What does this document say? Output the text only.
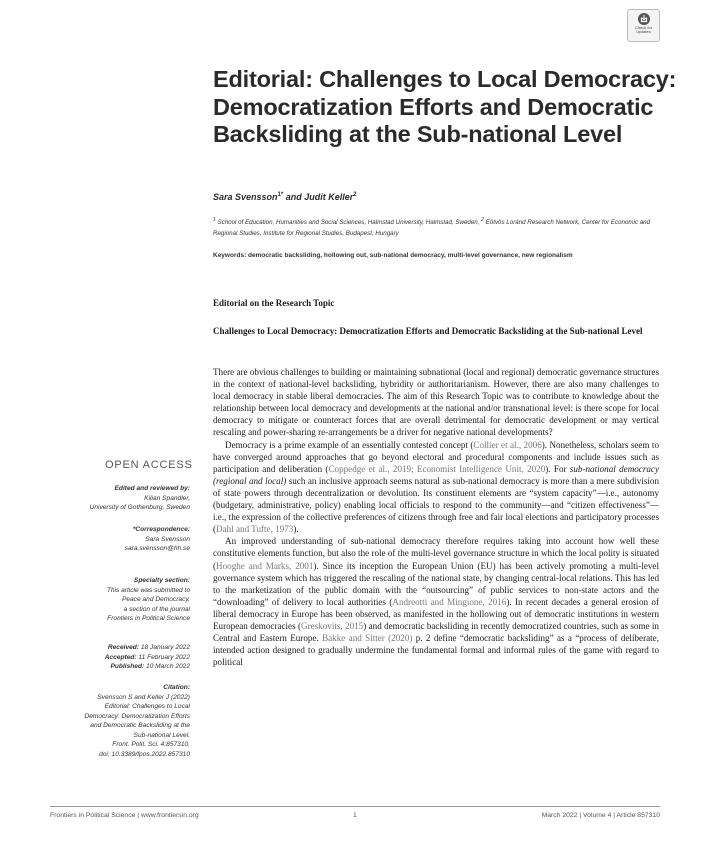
Check for
updates
Editorial: Challenges to Local Democracy: Democratization Efforts and Democratic Backsliding at the Sub-national Level
Sara Svensson$^{1*}$ and Judit Keller$^2$
$^1$ School of Education, Humanities and Social Sciences, Halmstad University, Halmstad, Sweden, $^2$ Eötvös Loránd Research Network, Center for Economic and Regional Studies, Institute for Regional Studies, Budapest, Hungary
Keywords: democratic backsliding, hollowing out, sub-national democracy, multi-level governance, new regionalism
Editorial on the Research Topic
Challenges to Local Democracy: Democratization Efforts and Democratic Backsliding at the Sub-national Level

There are obvious challenges to building or maintaining subnational (local and regional) democratic governance structures in the context of national-level backsliding, hybridity or authoritarianism. However, there are also many challenges to local democracy in stable liberal democracies. The aim of this Research Topic was to contribute to knowledge about the relationship between local democracy and developments at the national and/or transnational level: is there scope for local democracy to mitigate or counteract forces that are overall detrimental for democratic development or may vertical rescaling and power-sharing re-arrangements be a driver for negative national developments?

Democracy is a prime example of an essentially contested concept (Collier et al., 2006). Nonetheless, scholars seem to have converged around approaches that go beyond electoral and procedural components and include issues such as participation and deliberation (Coppedge et al., 2019; Economist Intelligence Unit, 2020). For sub-national democracy (regional and local) such an inclusive approach seems natural as sub-national democracy is more than a mere subdivision of state powers through decentralization or devolution. Its constituent elements are “system capacity”—i.e., autonomy (budgetary, administrative, policy) enabling local officials to respond to the community—and “citizen effectiveness”—i.e., the expression of the collective preferences of citizens through free and fair local elections and participatory processes (Dahl and Tufte, 1973).

An improved understanding of sub-national democracy therefore requires taking into account how well these constitutive elements function, but also the role of the multi-level governance structure in which the local polity is situated (Hooghe and Marks, 2001). Since its inception the European Union (EU) has been actively promoting a multi-level governance system which has triggered the rescaling of the national state, by changing central-local relations. This has led to the marketization of the public domain with the “outsourcing” of public services to non-state actors and the “downloading” of delivery to local authorities (Andreotti and Mingione, 2016). In recent decades a general erosion of liberal democracy in Europe has been observed, as manifested in the hollowing out of democratic institutions in western European democracies (Greskovits, 2015) and democratic backsliding in recently democratized countries, such as some in Central and Eastern Europe. Bakke and Sitter (2020) p. 2 define “democratic backsliding” as a “process of deliberate, intended action designed to gradually undermine the fundamental formal and informal rules of the game with regard to political

OPEN ACCESS
Edited and reviewed by:
Kilian Spandler,
University of Gothenburg, Sweden
*Correspondence:
Sara Svensson
sara.svensson@hh.se
Specialty section:
This article was submitted to
Peace and Democracy,
a section of the journal
Frontiers in Political Science
Received: 18 January 2022
Accepted: 11 February 2022
Published: 10 March 2022
Citation:
Svensson S and Keller J (2022)
Editorial: Challenges to Local
Democracy: Democratization Efforts
and Democratic Backsliding at the
Sub-national Level.
Front. Polit. Sci. 4:857310.
doi: 10.3389/fpos.2022.857310
Frontiers in Political Science | www.frontiersin.org	1	March 2022 | Volume 4 | Article 857310
